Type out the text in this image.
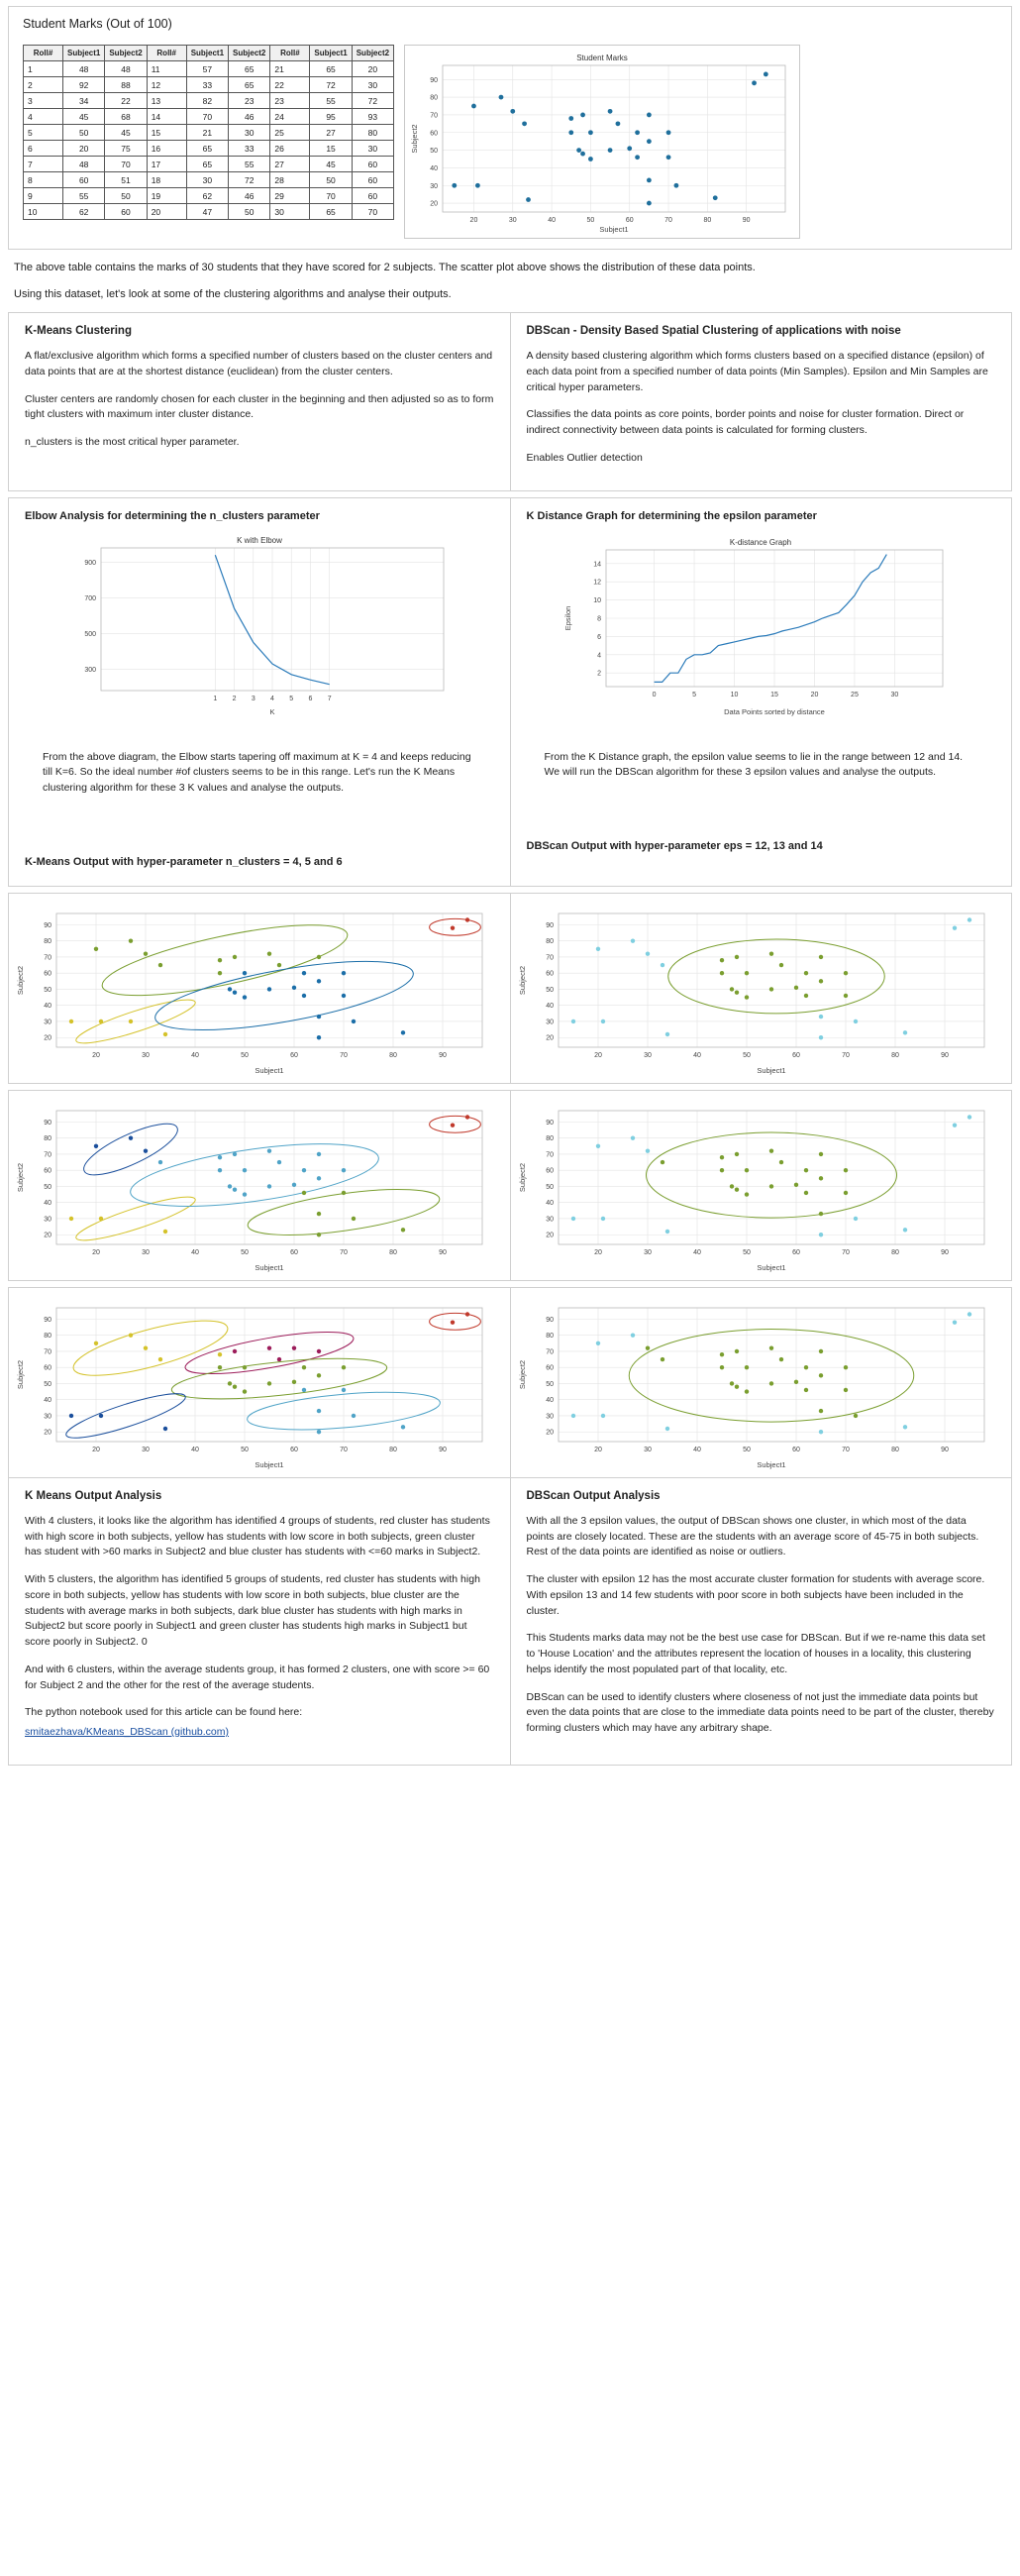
Student Marks (Out of 100)
Roll#	Subject1	Subject2	Roll#	Subject1	Subject2	Roll#	Subject1	Subject2
1	48	48	11	57	65	21	65	20
2	92	88	12	33	65	22	72	30
3	34	22	13	82	23	23	55	72
4	45	68	14	70	46	24	95	93
5	50	45	15	21	30	25	27	80
6	20	75	16	65	33	26	15	30
7	48	70	17	65	55	27	45	60
8	60	51	18	30	72	28	50	60
9	55	50	19	62	46	29	70	60
10	62	60	20	47	50	30	65	70
20	30	40	50	60	70	80	90
20
30
40
50
60
70
80
90
Subject1
Subject2
Student Marks

The above table contains the marks of 30 students that they have scored for 2 subjects. The scatter plot above shows the distribution of these data points.

Using this dataset, let's look at some of the clustering algorithms and analyse their outputs.

K-Means Clustering

A flat/exclusive algorithm which forms a specified number of clusters based on the cluster centers and data points that are at the shortest distance (euclidean) from the cluster centers.

Cluster centers are randomly chosen for each cluster in the beginning and then adjusted so as to form tight clusters with maximum inter cluster distance.

n_clusters is the most critical hyper parameter.

DBScan - Density Based Spatial Clustering of applications with noise

A density based clustering algorithm which forms clusters based on a specified distance (epsilon) of each data point from a specified number of data points (Min Samples). Epsilon and Min Samples are critical hyper parameters.

Classifies the data points as core points, border points and noise for cluster formation. Direct or indirect connectivity between data points is calculated for forming clusters.

Enables Outlier detection

Elbow Analysis for determining the n_clusters parameter
1 2 3 4 5 6 7
300
500
700
900
K
K with Elbow

From the above diagram, the Elbow starts tapering off maximum at K = 4 and keeps reducing till K=6. So the ideal number #of clusters seems to be in this range. Let's run the K Means clustering algorithm for these 3 K values and analyse the outputs.

K-Means Output with hyper-parameter n_clusters = 4, 5 and 6
K Distance Graph for determining the epsilon parameter
0	5	10	15	20	25	30
2
4
6
8
10
12
14
Data Points sorted by distance
Epsilon
K-distance Graph

From the K Distance graph, the epsilon value seems to lie in the range between 12 and 14. We will run the DBScan algorithm for these 3 epsilon values and analyse the outputs.

DBScan Output with hyper-parameter eps = 12, 13 and 14
20	30	40	50	60	70	80	90
20
30
40
50
60
70
80
90
Subject1
Subject2
20	30	40	50	60	70	80	90
20
30
40
50
60
70
80
90
Subject1
Subject2
20	30	40	50	60	70	80	90
20
30
40
50
60
70
80
90
Subject1
Subject2
20	30	40	50	60	70	80	90
20
30
40
50
60
70
80
90
Subject1
Subject2
20	30	40	50	60	70	80	90
20
30
40
50
60
70
80
90
Subject1
Subject2
20	30	40	50	60	70	80	90
20
30
40
50
60
70
80
90
Subject1
Subject2
K Means Output Analysis

With 4 clusters, it looks like the algorithm has identified 4 groups of students, red cluster has students with high score in both subjects, yellow has students with low score in both subjects, green cluster has student with >60 marks in Subject2 and blue cluster has students with <=60 marks in Subject2.

With 5 clusters, the algorithm has identified 5 groups of students, red cluster has students with high score in both subjects, yellow has students with low score in both subjects, blue cluster are the students with average marks in both subjects, dark blue cluster has students with high marks in Subject2 but score poorly in Subject1 and green cluster has students high marks in Subject1 but score poorly in Subject2. 0

And with 6 clusters, within the average students group, it has formed 2 clusters, one with score >= 60 for Subject 2 and the other for the rest of the average students.

The python notebook used for this article can be found here:

smitaezhava/KMeans_DBScan (github.com)

DBScan Output Analysis

With all the 3 epsilon values, the output of DBScan shows one cluster, in which most of the data points are closely located. These are the students with an average score of 45-75 in both subjects. Rest of the data points are identified as noise or outliers.

The cluster with epsilon 12 has the most accurate cluster formation for students with average score. With epsilon 13 and 14 few students with poor score in both subjects have been included in the cluster.

This Students marks data may not be the best use case for DBScan. But if we re-name this data set to 'House Location' and the attributes represent the location of houses in a locality, this clustering helps identify the most populated part of that locality, etc.

DBScan can be used to identify clusters where closeness of not just the immediate data points but even the data points that are close to the immediate data points need to be part of the cluster, thereby forming clusters which may have any arbitrary shape.
